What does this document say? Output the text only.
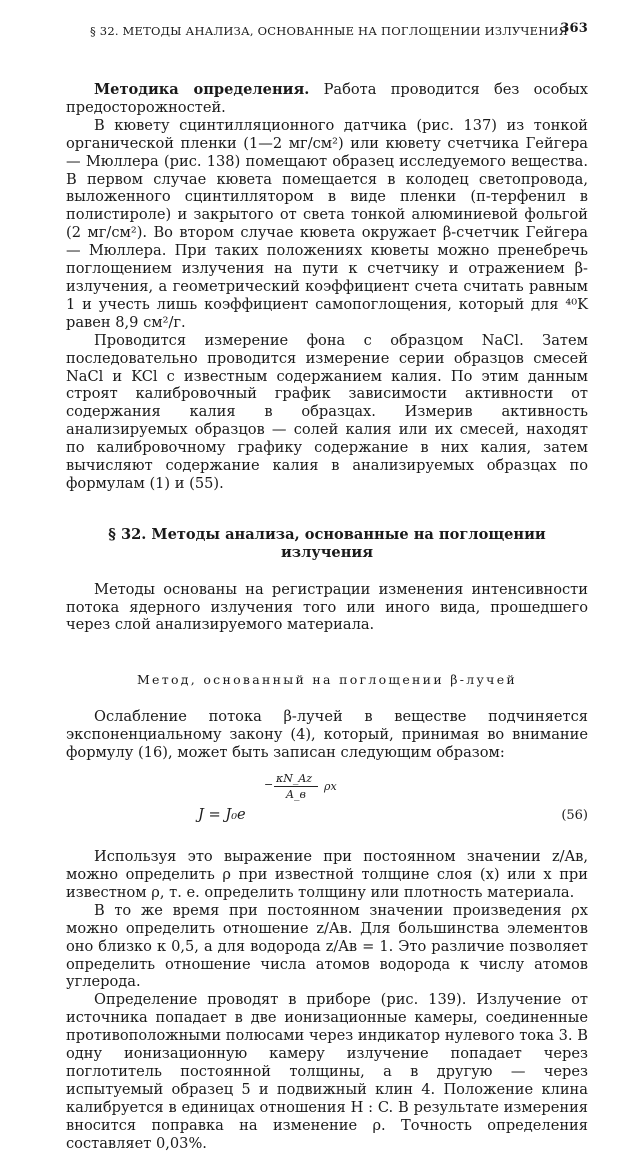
§ 32. МЕТОДЫ АНАЛИЗА, ОСНОВАННЫЕ НА ПОГЛОЩЕНИИ ИЗЛУЧЕНИЯ
363

Методика определения. Работа проводится без особых предосторожностей.

В кювету сцинтилляционного датчика (рис. 137) из тонкой органической пленки (1—2 мг/см²) или кювету счетчика Гейгера — Мюллера (рис. 138) помещают образец исследуемого вещества. В первом случае кювета помещается в колодец светопровода, выложенного сцинтиллятором в виде пленки (п-терфенил в полистироле) и закрытого от света тонкой алюминиевой фольгой (2 мг/см²). Во втором случае кювета окружает β-счетчик Гейгера — Мюллера. При таких положениях кюветы можно пренебречь поглощением излучения на пути к счетчику и отражением β-излучения, а геометрический коэффициент счета считать равным 1 и учесть лишь коэффициент самопоглощения, который для ⁴⁰K равен 8,9 см²/г.

Проводится измерение фона с образцом NaCl. Затем последовательно проводится измерение серии образцов смесей NaCl и KCl с известным содержанием калия. По этим данным строят калибровочный график зависимости активности от содержания калия в образцах. Измерив активность анализируемых образцов — солей калия или их смесей, находят по калибровочному графику содержание в них калия, затем вычисляют содержание калия в анализируемых образцах по формулам (1) и (55).

§ 32. Методы анализа, основанные на поглощении
излучения

Методы основаны на регистрации изменения интенсивности потока ядерного излучения того или иного вида, прошедшего через слой анализируемого материала.

Метод, основанный на поглощении β-лучей

Ослабление потока β-лучей в веществе подчиняется экспоненциальному закону (4), который, принимая во внимание формулу (16), может быть записан следующим образом:

− κN_Az
A_в
ρx
J = J₀e	(56)

Используя это выражение при постоянном значении z/Aв, можно определить ρ при известной толщине слоя (x) или x при известном ρ, т. е. определить толщину или плотность материала.

В то же время при постоянном значении произведения ρx можно определить отношение z/Aв. Для большинства элементов оно близко к 0,5, а для водорода z/Aв = 1. Это различие позволяет определить отношение числа атомов водорода к числу атомов углерода.

Определение проводят в приборе (рис. 139). Излучение от источника попадает в две ионизационные камеры, соединенные противоположными полюсами через индикатор нулевого тока 3. В одну ионизационную камеру излучение попадает через поглотитель постоянной толщины, а в другую — через испытуемый образец 5 и подвижный клин 4. Положение клина калибруется в единицах отношения H : C. В результате измерения вносится поправка на изменение ρ. Точность определения составляет 0,03%.
